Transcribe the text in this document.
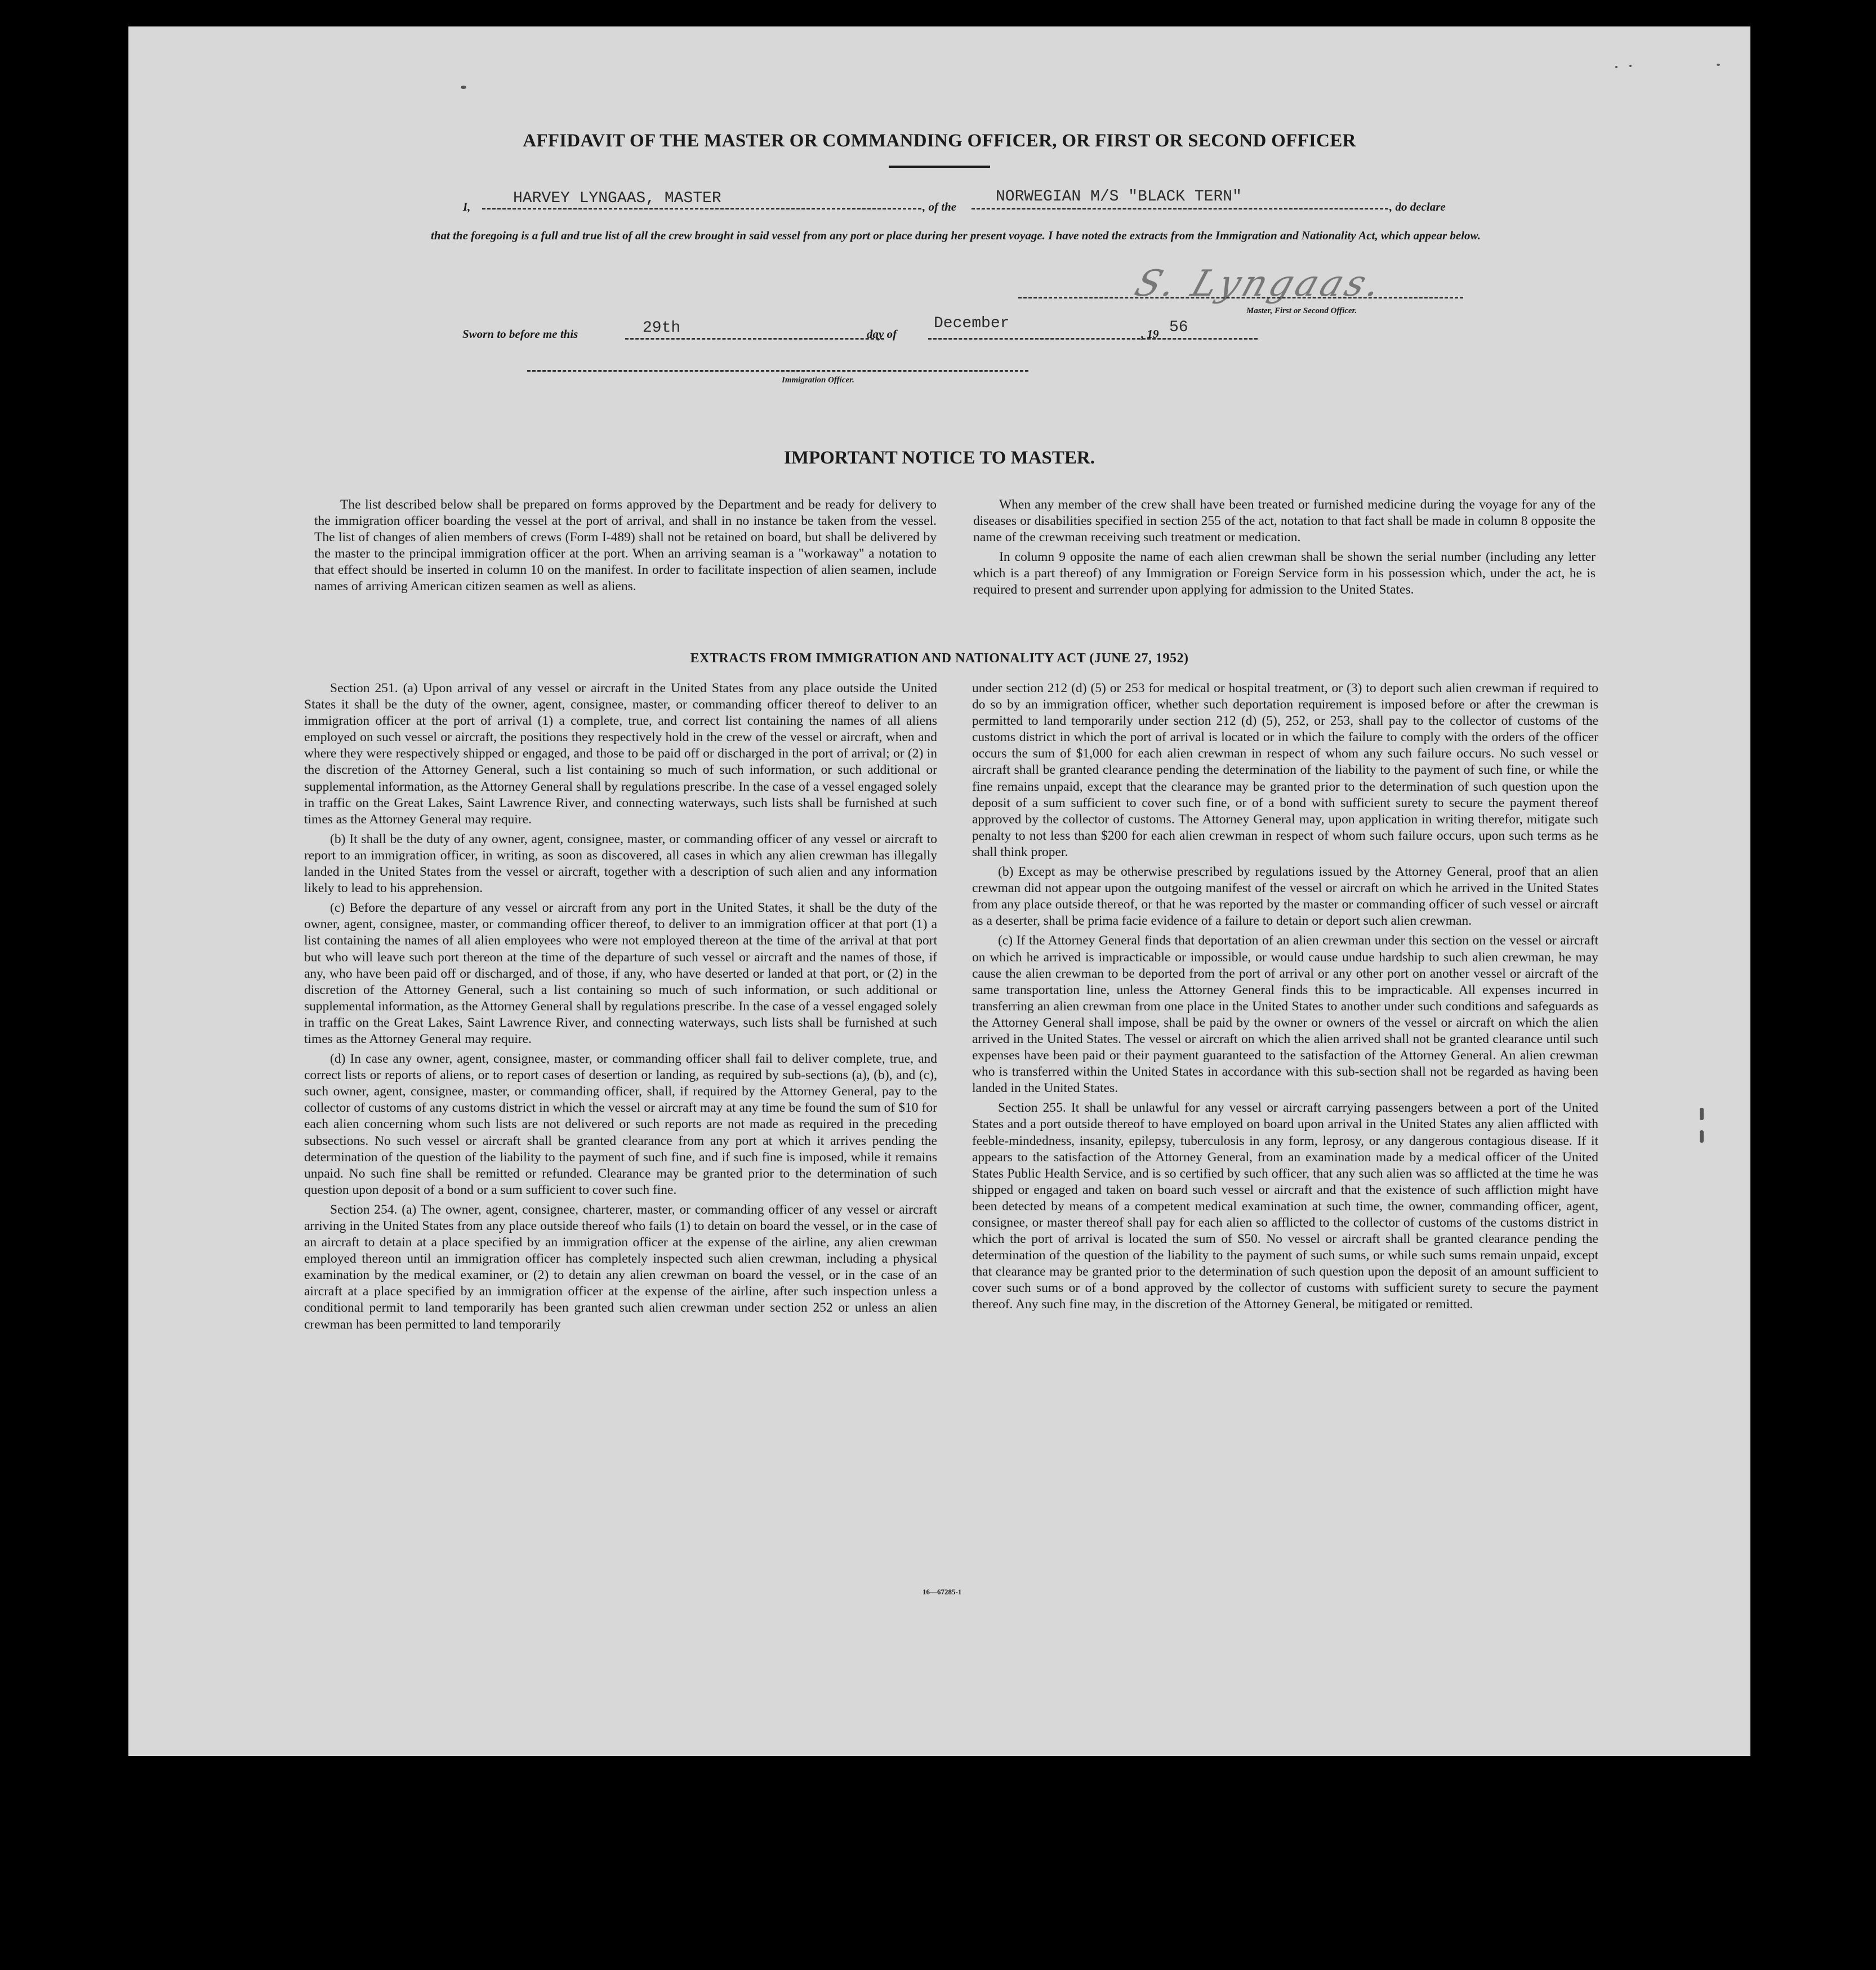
AFFIDAVIT OF THE MASTER OR COMMANDING OFFICER, OR FIRST OR SECOND OFFICER
I,	HARVEY LYNGAAS, MASTER	, of the
NORWEGIAN M/S "BLACK TERN"
, do declare
that the foregoing is a full and true list of all the crew brought in said vessel from any port or place during her present voyage. I have noted the extracts from the Immigration and Nationality Act, which appear below.
S. Lyngaas.
Master, First or Second Officer.
Sworn to before me this	29th	day of
December
, 19 56
Immigration Officer.
IMPORTANT NOTICE TO MASTER.

The list described below shall be prepared on forms approved by the Department and be ready for delivery to the immigration officer boarding the vessel at the port of arrival, and shall in no instance be taken from the vessel. The list of changes of alien members of crews (Form I-489) shall not be retained on board, but shall be delivered by the master to the principal immigration officer at the port. When an arriving seaman is a "workaway" a notation to that effect should be inserted in column 10 on the manifest. In order to facilitate inspection of alien seamen, include names of arriving American citizen seamen as well as aliens.

When any member of the crew shall have been treated or furnished medicine during the voyage for any of the diseases or disabilities specified in section 255 of the act, notation to that fact shall be made in column 8 opposite the name of the crewman receiving such treatment or medication.

In column 9 opposite the name of each alien crewman shall be shown the serial number (including any letter which is a part thereof) of any Immigration or Foreign Service form in his possession which, under the act, he is required to present and surrender upon applying for admission to the United States.

EXTRACTS FROM IMMIGRATION AND NATIONALITY ACT (JUNE 27, 1952)

Section 251. (a) Upon arrival of any vessel or aircraft in the United States from any place outside the United States it shall be the duty of the owner, agent, consignee, master, or commanding officer thereof to deliver to an immigration officer at the port of arrival (1) a complete, true, and correct list containing the names of all aliens employed on such vessel or aircraft, the positions they respectively hold in the crew of the vessel or aircraft, when and where they were respectively shipped or engaged, and those to be paid off or discharged in the port of arrival; or (2) in the discretion of the Attorney General, such a list containing so much of such information, or such additional or supplemental information, as the Attorney General shall by regulations prescribe. In the case of a vessel engaged solely in traffic on the Great Lakes, Saint Lawrence River, and connecting waterways, such lists shall be furnished at such times as the Attorney General may require.

(b) It shall be the duty of any owner, agent, consignee, master, or commanding officer of any vessel or aircraft to report to an immigration officer, in writing, as soon as discovered, all cases in which any alien crewman has illegally landed in the United States from the vessel or aircraft, together with a description of such alien and any information likely to lead to his apprehension.

(c) Before the departure of any vessel or aircraft from any port in the United States, it shall be the duty of the owner, agent, consignee, master, or commanding officer thereof, to deliver to an immigration officer at that port (1) a list containing the names of all alien employees who were not employed thereon at the time of the arrival at that port but who will leave such port thereon at the time of the departure of such vessel or aircraft and the names of those, if any, who have been paid off or discharged, and of those, if any, who have deserted or landed at that port, or (2) in the discretion of the Attorney General, such a list containing so much of such information, or such additional or supplemental information, as the Attorney General shall by regulations prescribe. In the case of a vessel engaged solely in traffic on the Great Lakes, Saint Lawrence River, and connecting waterways, such lists shall be furnished at such times as the Attorney General may require.

(d) In case any owner, agent, consignee, master, or commanding officer shall fail to deliver complete, true, and correct lists or reports of aliens, or to report cases of desertion or landing, as required by sub-sections (a), (b), and (c), such owner, agent, consignee, master, or commanding officer, shall, if required by the Attorney General, pay to the collector of customs of any customs district in which the vessel or aircraft may at any time be found the sum of $10 for each alien concerning whom such lists are not delivered or such reports are not made as required in the preceding subsections. No such vessel or aircraft shall be granted clearance from any port at which it arrives pending the determination of the question of the liability to the payment of such fine, and if such fine is imposed, while it remains unpaid. No such fine shall be remitted or refunded. Clearance may be granted prior to the determination of such question upon deposit of a bond or a sum sufficient to cover such fine.

Section 254. (a) The owner, agent, consignee, charterer, master, or commanding officer of any vessel or aircraft arriving in the United States from any place outside thereof who fails (1) to detain on board the vessel, or in the case of an aircraft to detain at a place specified by an immigration officer at the expense of the airline, any alien crewman employed thereon until an immigration officer has completely inspected such alien crewman, including a physical examination by the medical examiner, or (2) to detain any alien crewman on board the vessel, or in the case of an aircraft at a place specified by an immigration officer at the expense of the airline, after such inspection unless a conditional permit to land temporarily has been granted such alien crewman under section 252 or unless an alien crewman has been permitted to land temporarily

under section 212 (d) (5) or 253 for medical or hospital treatment, or (3) to deport such alien crewman if required to do so by an immigration officer, whether such deportation requirement is imposed before or after the crewman is permitted to land temporarily under section 212 (d) (5), 252, or 253, shall pay to the collector of customs of the customs district in which the port of arrival is located or in which the failure to comply with the orders of the officer occurs the sum of $1,000 for each alien crewman in respect of whom any such failure occurs. No such vessel or aircraft shall be granted clearance pending the determination of the liability to the payment of such fine, or while the fine remains unpaid, except that the clearance may be granted prior to the determination of such question upon the deposit of a sum sufficient to cover such fine, or of a bond with sufficient surety to secure the payment thereof approved by the collector of customs. The Attorney General may, upon application in writing therefor, mitigate such penalty to not less than $200 for each alien crewman in respect of whom such failure occurs, upon such terms as he shall think proper.

(b) Except as may be otherwise prescribed by regulations issued by the Attorney General, proof that an alien crewman did not appear upon the outgoing manifest of the vessel or aircraft on which he arrived in the United States from any place outside thereof, or that he was reported by the master or commanding officer of such vessel or aircraft as a deserter, shall be prima facie evidence of a failure to detain or deport such alien crewman.

(c) If the Attorney General finds that deportation of an alien crewman under this section on the vessel or aircraft on which he arrived is impracticable or impossible, or would cause undue hardship to such alien crewman, he may cause the alien crewman to be deported from the port of arrival or any other port on another vessel or aircraft of the same transportation line, unless the Attorney General finds this to be impracticable. All expenses incurred in transferring an alien crewman from one place in the United States to another under such conditions and safeguards as the Attorney General shall impose, shall be paid by the owner or owners of the vessel or aircraft on which the alien arrived in the United States. The vessel or aircraft on which the alien arrived shall not be granted clearance until such expenses have been paid or their payment guaranteed to the satisfaction of the Attorney General. An alien crewman who is transferred within the United States in accordance with this sub-section shall not be regarded as having been landed in the United States.

Section 255. It shall be unlawful for any vessel or aircraft carrying passengers between a port of the United States and a port outside thereof to have employed on board upon arrival in the United States any alien afflicted with feeble-mindedness, insanity, epilepsy, tuberculosis in any form, leprosy, or any dangerous contagious disease. If it appears to the satisfaction of the Attorney General, from an examination made by a medical officer of the United States Public Health Service, and is so certified by such officer, that any such alien was so afflicted at the time he was shipped or engaged and taken on board such vessel or aircraft and that the existence of such affliction might have been detected by means of a competent medical examination at such time, the owner, commanding officer, agent, consignee, or master thereof shall pay for each alien so afflicted to the collector of customs of the customs district in which the port of arrival is located the sum of $50. No vessel or aircraft shall be granted clearance pending the determination of the question of the liability to the payment of such sums, or while such sums remain unpaid, except that clearance may be granted prior to the determination of such question upon the deposit of an amount sufficient to cover such sums or of a bond approved by the collector of customs with sufficient surety to secure the payment thereof. Any such fine may, in the discretion of the Attorney General, be mitigated or remitted.

16—67285-1
